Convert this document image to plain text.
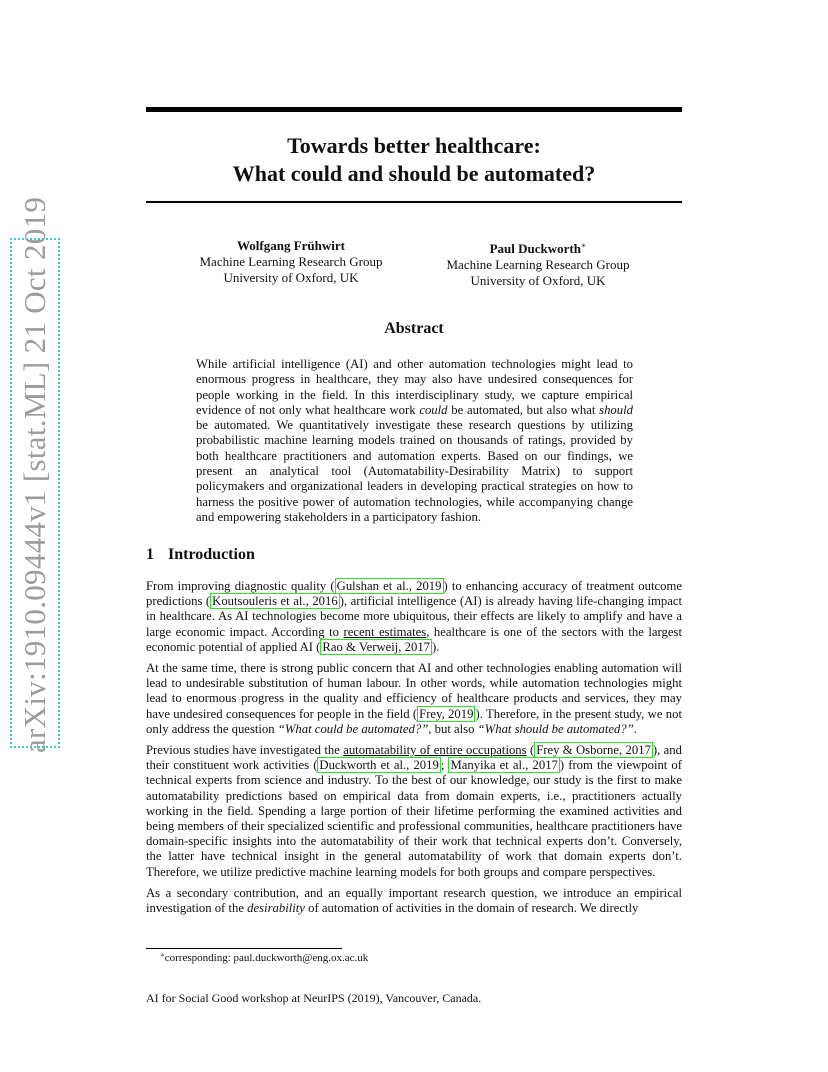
arXiv:1910.09444v1 [stat.ML] 21 Oct 2019
Towards better healthcare:
What could and should be automated?
Wolfgang Frühwirt
Machine Learning Research Group
University of Oxford, UK
Paul Duckworth∗
Machine Learning Research Group
University of Oxford, UK
Abstract
While artificial intelligence (AI) and other automation technologies might lead to enormous progress in healthcare, they may also have undesired consequences for people working in the field. In this interdisciplinary study, we capture empirical evidence of not only what healthcare work could be automated, but also what should be automated. We quantitatively investigate these research questions by utilizing probabilistic machine learning models trained on thousands of ratings, provided by both healthcare practitioners and automation experts. Based on our findings, we present an analytical tool (Automatability-Desirability Matrix) to support policymakers and organizational leaders in developing practical strategies on how to harness the positive power of automation technologies, while accompanying change and empowering stakeholders in a participatory fashion.
1 Introduction

From improving diagnostic quality ( Gulshan et al., 2019 ) to enhancing accuracy of treatment outcome predictions ( Koutsouleris et al., 2016 ), artificial intelligence (AI) is already having life-changing impact in healthcare. As AI technologies become more ubiquitous, their effects are likely to amplify and have a large economic impact. According to recent estimates, healthcare is one of the sectors with the largest economic potential of applied AI ( Rao & Verweij, 2017 ).

At the same time, there is strong public concern that AI and other technologies enabling automation will lead to undesirable substitution of human labour. In other words, while automation technologies might lead to enormous progress in the quality and efficiency of healthcare products and services, they may have undesired consequences for people in the field ( Frey, 2019 ). Therefore, in the present study, we not only address the question “What could be automated?”, but also “What should be automated?”.

Previous studies have investigated the automatability of entire occupations ( Frey & Osborne, 2017 ), and their constituent work activities ( Duckworth et al., 2019 ; Manyika et al., 2017 ) from the viewpoint of technical experts from science and industry. To the best of our knowledge, our study is the first to make automatability predictions based on empirical data from domain experts, i.e., practitioners actually working in the field. Spending a large portion of their lifetime performing the examined activities and being members of their specialized scientific and professional communities, healthcare practitioners have domain-specific insights into the automatability of their work that technical experts don’t. Conversely, the latter have technical insight in the general automatability of work that domain experts don’t. Therefore, we utilize predictive machine learning models for both groups and compare perspectives.

As a secondary contribution, and an equally important research question, we introduce an empirical investigation of the desirability of automation of activities in the domain of research. We directly

∗corresponding: paul.duckworth@eng.ox.ac.uk
AI for Social Good workshop at NeurIPS (2019), Vancouver, Canada.
